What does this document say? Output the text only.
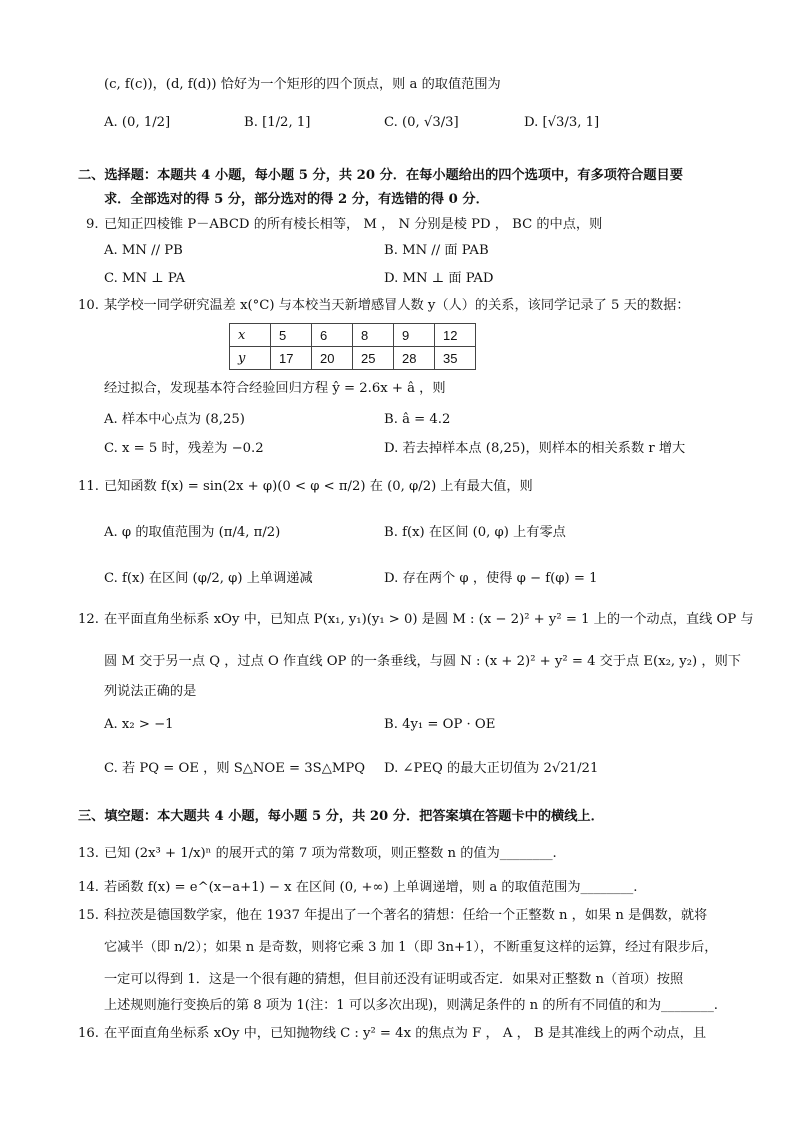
(c, f(c))，(d, f(d)) 恰好为一个矩形的四个顶点，则 a 的取值范围为
A. (0, 1/2]	B. [1/2, 1]	C. (0, √3/3]	D. [√3/3, 1]
二、选择题：本题共 4 小题，每小题 5 分，共 20 分．在每小题给出的四个选项中，有多项符合题目要
求．全部选对的得 5 分，部分选对的得 2 分，有选错的得 0 分．
9. 已知正四棱锥 P－ABCD 的所有棱长相等， M ， N 分别是棱 PD ， BC 的中点，则
A. MN // PB	B. MN // 面 PAB
C. MN ⊥ PA	D. MN ⊥ 面 PAD
10. 某学校一同学研究温差 x(°C) 与本校当天新增感冒人数 y（人）的关系，该同学记录了 5 天的数据：
x	5	6	8	9	12
y	17	20	25	28	35
经过拟合，发现基本符合经验回归方程 ŷ = 2.6x + â ，则
A. 样本中心点为 (8,25)	B. â = 4.2
C. x = 5 时，残差为 −0.2	D. 若去掉样本点 (8,25)，则样本的相关系数 r 增大
11. 已知函数 f(x) = sin(2x + φ)(0 < φ < π/2) 在 (0, φ/2) 上有最大值，则
A. φ 的取值范围为 (π/4, π/2)	B. f(x) 在区间 (0, φ) 上有零点
C. f(x) 在区间 (φ/2, φ) 上单调递减	D. 存在两个 φ ，使得 φ − f(φ) = 1
12. 在平面直角坐标系 xOy 中，已知点 P(x₁, y₁)(y₁ > 0) 是圆 M : (x − 2)² + y² = 1 上的一个动点，直线 OP 与
圆 M 交于另一点 Q ，过点 O 作直线 OP 的一条垂线，与圆 N : (x + 2)² + y² = 4 交于点 E(x₂, y₂) ，则下
列说法正确的是
A. x₂ > −1	B. 4y₁ = OP · OE
C. 若 PQ = OE ，则 S△NOE = 3S△MPQ D. ∠PEQ 的最大正切值为 2√21/21
三、填空题：本大题共 4 小题，每小题 5 分，共 20 分．把答案填在答题卡中的横线上．
13. 已知 (2x³ + 1/x)ⁿ 的展开式的第 7 项为常数项，则正整数 n 的值为________.
14. 若函数 f(x) = e^(x−a+1) − x 在区间 (0, +∞) 上单调递增，则 a 的取值范围为________.
15. 科拉茨是德国数学家，他在 1937 年提出了一个著名的猜想：任给一个正整数 n ，如果 n 是偶数，就将
它减半（即 n/2）；如果 n 是奇数，则将它乘 3 加 1（即 3n+1），不断重复这样的运算，经过有限步后，
一定可以得到 1．这是一个很有趣的猜想，但目前还没有证明或否定．如果对正整数 n（首项）按照
上述规则施行变换后的第 8 项为 1(注：1 可以多次出现)，则满足条件的 n 的所有不同值的和为________.
16. 在平面直角坐标系 xOy 中，已知抛物线 C : y² = 4x 的焦点为 F ， A ， B 是其准线上的两个动点，且
